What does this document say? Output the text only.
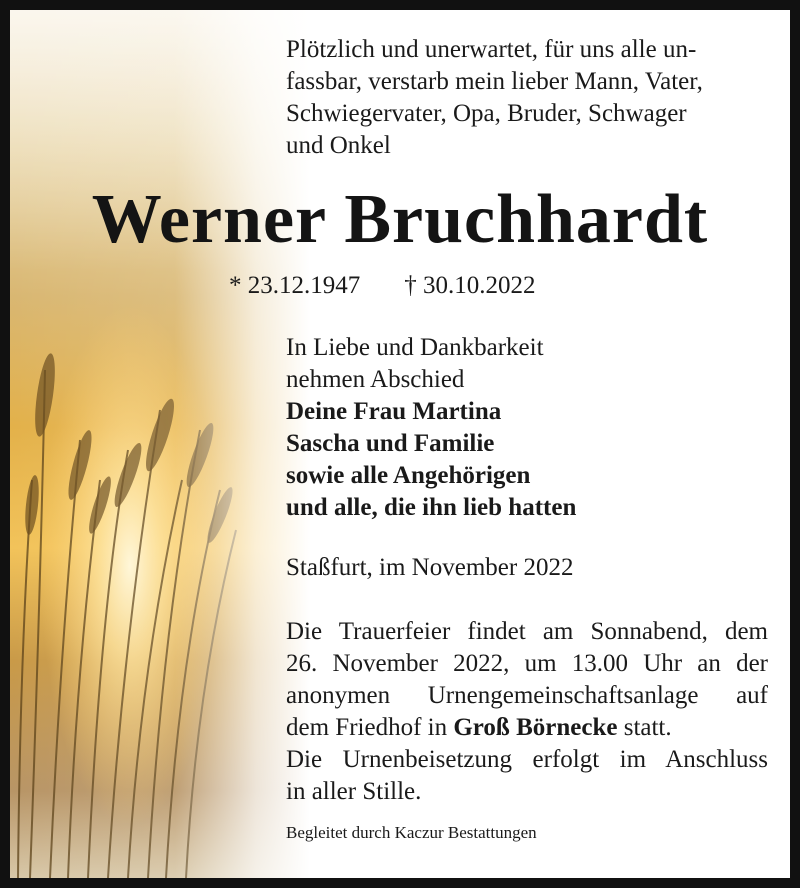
Plötzlich und unerwartet, für uns alle un-
fassbar, verstarb mein lieber Mann, Vater,
Schwiegervater, Opa, Bruder, Schwager
und Onkel
Werner Bruchhardt
* 23.12.1947 † 30.10.2022
In Liebe und Dankbarkeit
nehmen Abschied
Deine Frau Martina
Sascha und Familie
sowie alle Angehörigen
und alle, die ihn lieb hatten
Staßfurt, im November 2022
Die Trauerfeier findet am Sonnabend, dem
26. November 2022, um 13.00 Uhr an der
anonymen Urnengemeinschaftsanlage auf
dem Friedhof in Groß Börnecke statt.
Die Urnenbeisetzung erfolgt im Anschluss
in aller Stille.
Begleitet durch Kaczur Bestattungen
